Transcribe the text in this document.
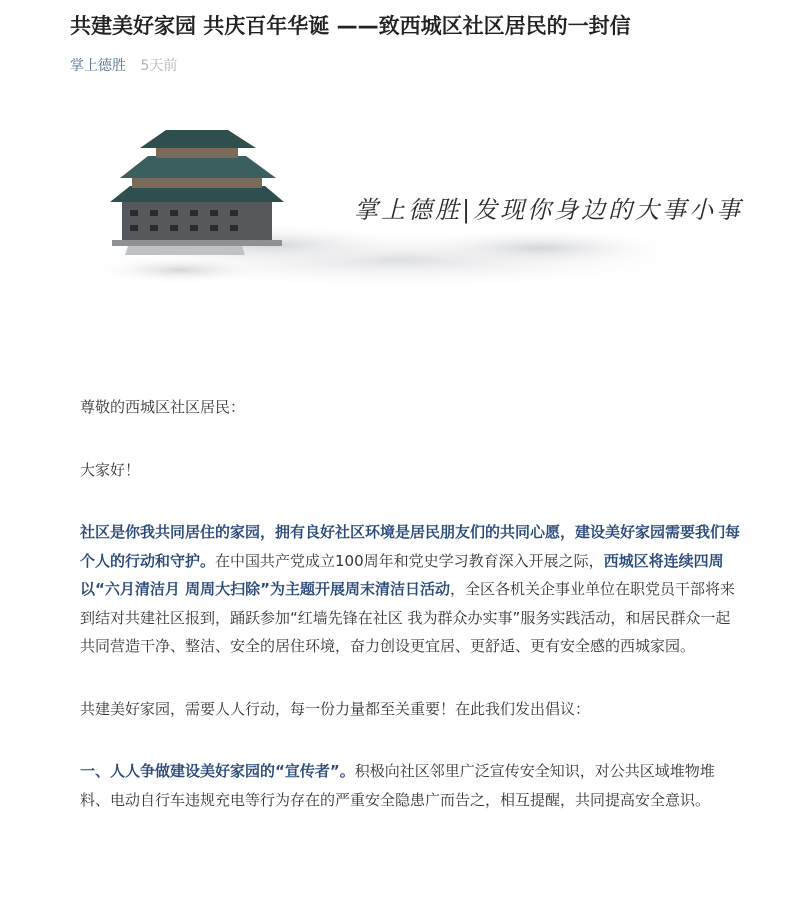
共建美好家园 共庆百年华诞 ——致西城区社区居民的一封信
掌上德胜 5天前
掌上德胜|发现你身边的大事小事

尊敬的西城区社区居民：

大家好！

社区是你我共同居住的家园，拥有良好社区环境是居民朋友们的共同心愿，建设美好家园需要我们每个人的行动和守护。在中国共产党成立100周年和党史学习教育深入开展之际，西城区将连续四周以“六月清洁月 周周大扫除”为主题开展周末清洁日活动，全区各机关企事业单位在职党员干部将来到结对共建社区报到，踊跃参加“红墙先锋在社区 我为群众办实事”服务实践活动，和居民群众一起共同营造干净、整洁、安全的居住环境，奋力创设更宜居、更舒适、更有安全感的西城家园。

共建美好家园，需要人人行动，每一份力量都至关重要！在此我们发出倡议：

一、人人争做建设美好家园的“宣传者”。积极向社区邻里广泛宣传安全知识，对公共区域堆物堆料、电动自行车违规充电等行为存在的严重安全隐患广而告之，相互提醒，共同提高安全意识。
